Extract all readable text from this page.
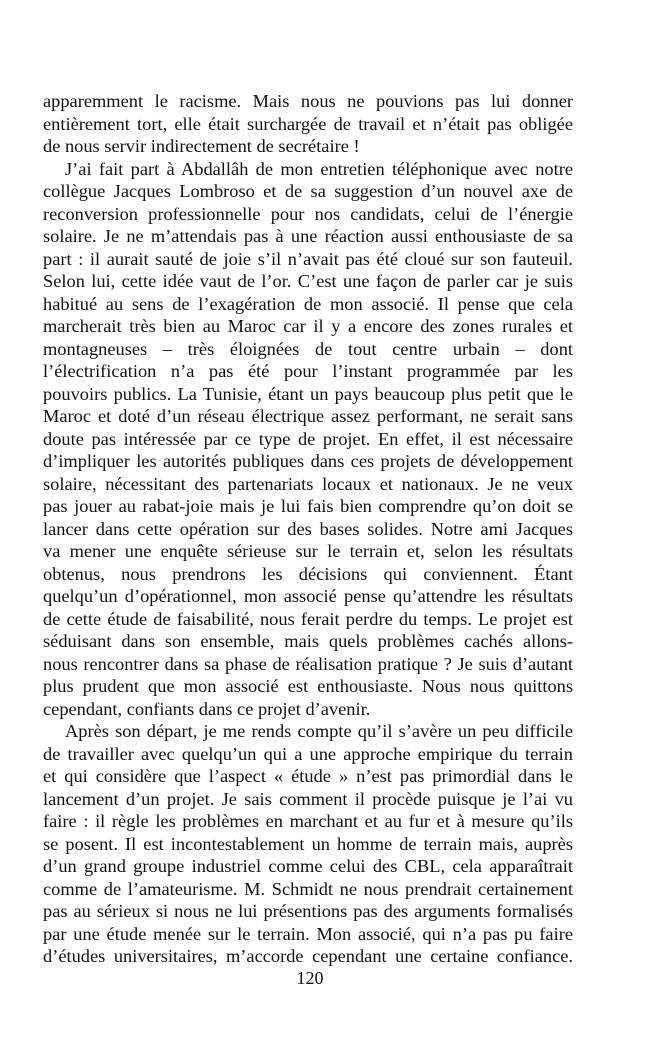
apparemment le racisme. Mais nous ne pouvions pas lui donner
entièrement tort, elle était surchargée de travail et n’était pas obligée
de nous servir indirectement de secrétaire !
J’ai fait part à Abdallâh de mon entretien téléphonique avec notre
collègue Jacques Lombroso et de sa suggestion d’un nouvel axe de
reconversion professionnelle pour nos candidats, celui de l’énergie
solaire. Je ne m’attendais pas à une réaction aussi enthousiaste de sa
part : il aurait sauté de joie s’il n’avait pas été cloué sur son fauteuil.
Selon lui, cette idée vaut de l’or. C’est une façon de parler car je suis
habitué au sens de l’exagération de mon associé. Il pense que cela
marcherait très bien au Maroc car il y a encore des zones rurales et
montagneuses – très éloignées de tout centre urbain – dont
l’électrification n’a pas été pour l’instant programmée par les
pouvoirs publics. La Tunisie, étant un pays beaucoup plus petit que le
Maroc et doté d’un réseau électrique assez performant, ne serait sans
doute pas intéressée par ce type de projet. En effet, il est nécessaire
d’impliquer les autorités publiques dans ces projets de développement
solaire, nécessitant des partenariats locaux et nationaux. Je ne veux
pas jouer au rabat-joie mais je lui fais bien comprendre qu’on doit se
lancer dans cette opération sur des bases solides. Notre ami Jacques
va mener une enquête sérieuse sur le terrain et, selon les résultats
obtenus, nous prendrons les décisions qui conviennent. Étant
quelqu’un d’opérationnel, mon associé pense qu’attendre les résultats
de cette étude de faisabilité, nous ferait perdre du temps. Le projet est
séduisant dans son ensemble, mais quels problèmes cachés allons-
nous rencontrer dans sa phase de réalisation pratique ? Je suis d’autant
plus prudent que mon associé est enthousiaste. Nous nous quittons
cependant, confiants dans ce projet d’avenir.
Après son départ, je me rends compte qu’il s’avère un peu difficile
de travailler avec quelqu’un qui a une approche empirique du terrain
et qui considère que l’aspect « étude » n’est pas primordial dans le
lancement d’un projet. Je sais comment il procède puisque je l’ai vu
faire : il règle les problèmes en marchant et au fur et à mesure qu’ils
se posent. Il est incontestablement un homme de terrain mais, auprès
d’un grand groupe industriel comme celui des CBL, cela apparaîtrait
comme de l’amateurisme. M. Schmidt ne nous prendrait certainement
pas au sérieux si nous ne lui présentions pas des arguments formalisés
par une étude menée sur le terrain. Mon associé, qui n’a pas pu faire
d’études universitaires, m’accorde cependant une certaine confiance.
120
